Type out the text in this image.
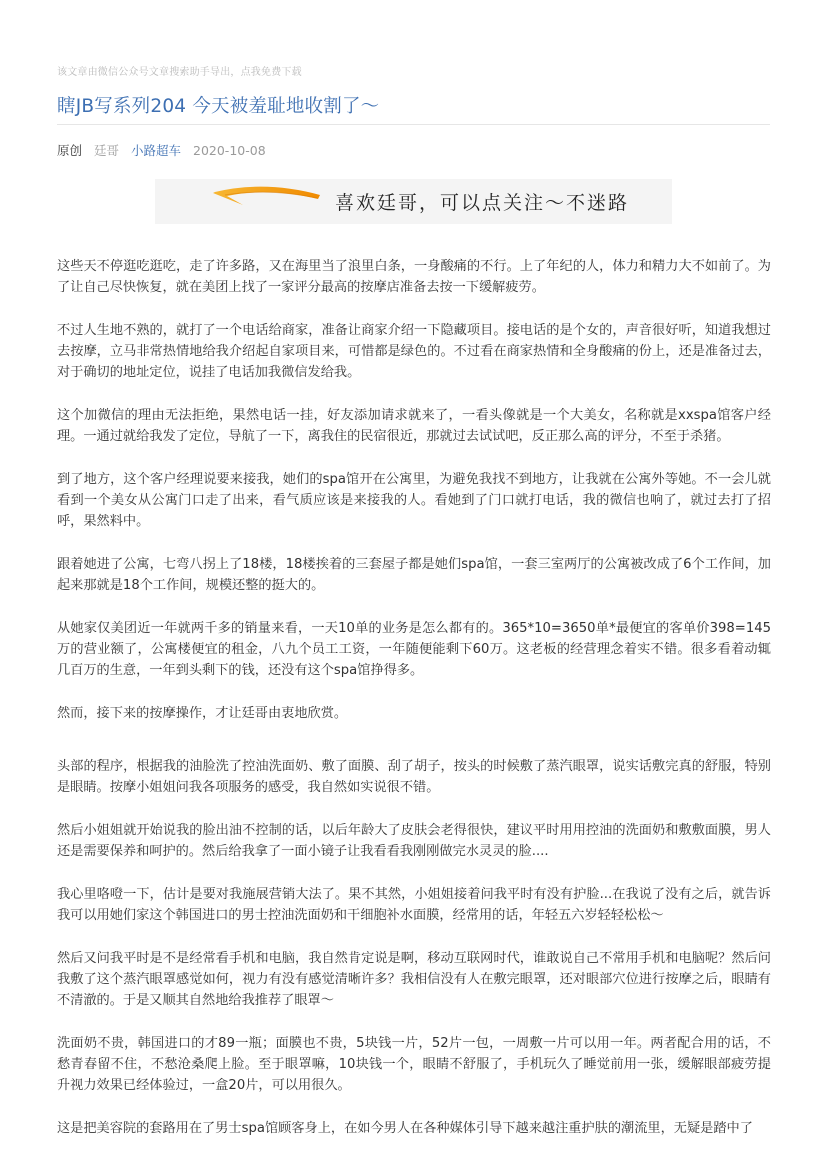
该文章由微信公众号文章搜索助手导出，点我免费下载
瞎JB写系列204 今天被羞耻地收割了～
原创 廷哥 小路超车 2020-10-08
喜欢廷哥，可以点关注～不迷路

这些天不停逛吃逛吃，走了许多路，又在海里当了浪里白条，一身酸痛的不行。上了年纪的人，体力和精力大不如前了。为了让自己尽快恢复，就在美团上找了一家评分最高的按摩店准备去按一下缓解疲劳。

不过人生地不熟的，就打了一个电话给商家，准备让商家介绍一下隐藏项目。接电话的是个女的，声音很好听，知道我想过去按摩，立马非常热情地给我介绍起自家项目来，可惜都是绿色的。不过看在商家热情和全身酸痛的份上，还是准备过去，对于确切的地址定位，说挂了电话加我微信发给我。

这个加微信的理由无法拒绝，果然电话一挂，好友添加请求就来了，一看头像就是一个大美女，名称就是xxspa馆客户经理。一通过就给我发了定位，导航了一下，离我住的民宿很近，那就过去试试吧，反正那么高的评分，不至于杀猪。

到了地方，这个客户经理说要来接我，她们的spa馆开在公寓里，为避免我找不到地方，让我就在公寓外等她。不一会儿就看到一个美女从公寓门口走了出来，看气质应该是来接我的人。看她到了门口就打电话，我的微信也响了，就过去打了招呼，果然料中。

跟着她进了公寓，七弯八拐上了18楼，18楼挨着的三套屋子都是她们spa馆，一套三室两厅的公寓被改成了6个工作间，加起来那就是18个工作间，规模还整的挺大的。

从她家仅美团近一年就两千多的销量来看，一天10单的业务是怎么都有的。365*10=3650单*最便宜的客单价398=145万的营业额了，公寓楼便宜的租金，八九个员工工资，一年随便能剩下60万。这老板的经营理念着实不错。很多看着动辄几百万的生意，一年到头剩下的钱，还没有这个spa馆挣得多。

然而，接下来的按摩操作，才让廷哥由衷地欣赏。

头部的程序，根据我的油脸洗了控油洗面奶、敷了面膜、刮了胡子，按头的时候敷了蒸汽眼罩，说实话敷完真的舒服，特别是眼睛。按摩小姐姐问我各项服务的感受，我自然如实说很不错。

然后小姐姐就开始说我的脸出油不控制的话，以后年龄大了皮肤会老得很快，建议平时用用控油的洗面奶和敷敷面膜，男人还是需要保养和呵护的。然后给我拿了一面小镜子让我看看我刚刚做完水灵灵的脸....

我心里咯噔一下，估计是要对我施展营销大法了。果不其然，小姐姐接着问我平时有没有护脸...在我说了没有之后，就告诉我可以用她们家这个韩国进口的男士控油洗面奶和干细胞补水面膜，经常用的话，年轻五六岁轻轻松松～

然后又问我平时是不是经常看手机和电脑，我自然肯定说是啊，移动互联网时代，谁敢说自己不常用手机和电脑呢？然后问我敷了这个蒸汽眼罩感觉如何，视力有没有感觉清晰许多？我相信没有人在敷完眼罩，还对眼部穴位进行按摩之后，眼睛有不清澈的。于是又顺其自然地给我推荐了眼罩～

洗面奶不贵，韩国进口的才89一瓶；面膜也不贵，5块钱一片，52片一包，一周敷一片可以用一年。两者配合用的话，不愁青春留不住，不愁沧桑爬上脸。至于眼罩嘛，10块钱一个，眼睛不舒服了，手机玩久了睡觉前用一张，缓解眼部疲劳提升视力效果已经体验过，一盒20片，可以用很久。

这是把美容院的套路用在了男士spa馆顾客身上，在如今男人在各种媒体引导下越来越注重护肤的潮流里，无疑是踏中了
